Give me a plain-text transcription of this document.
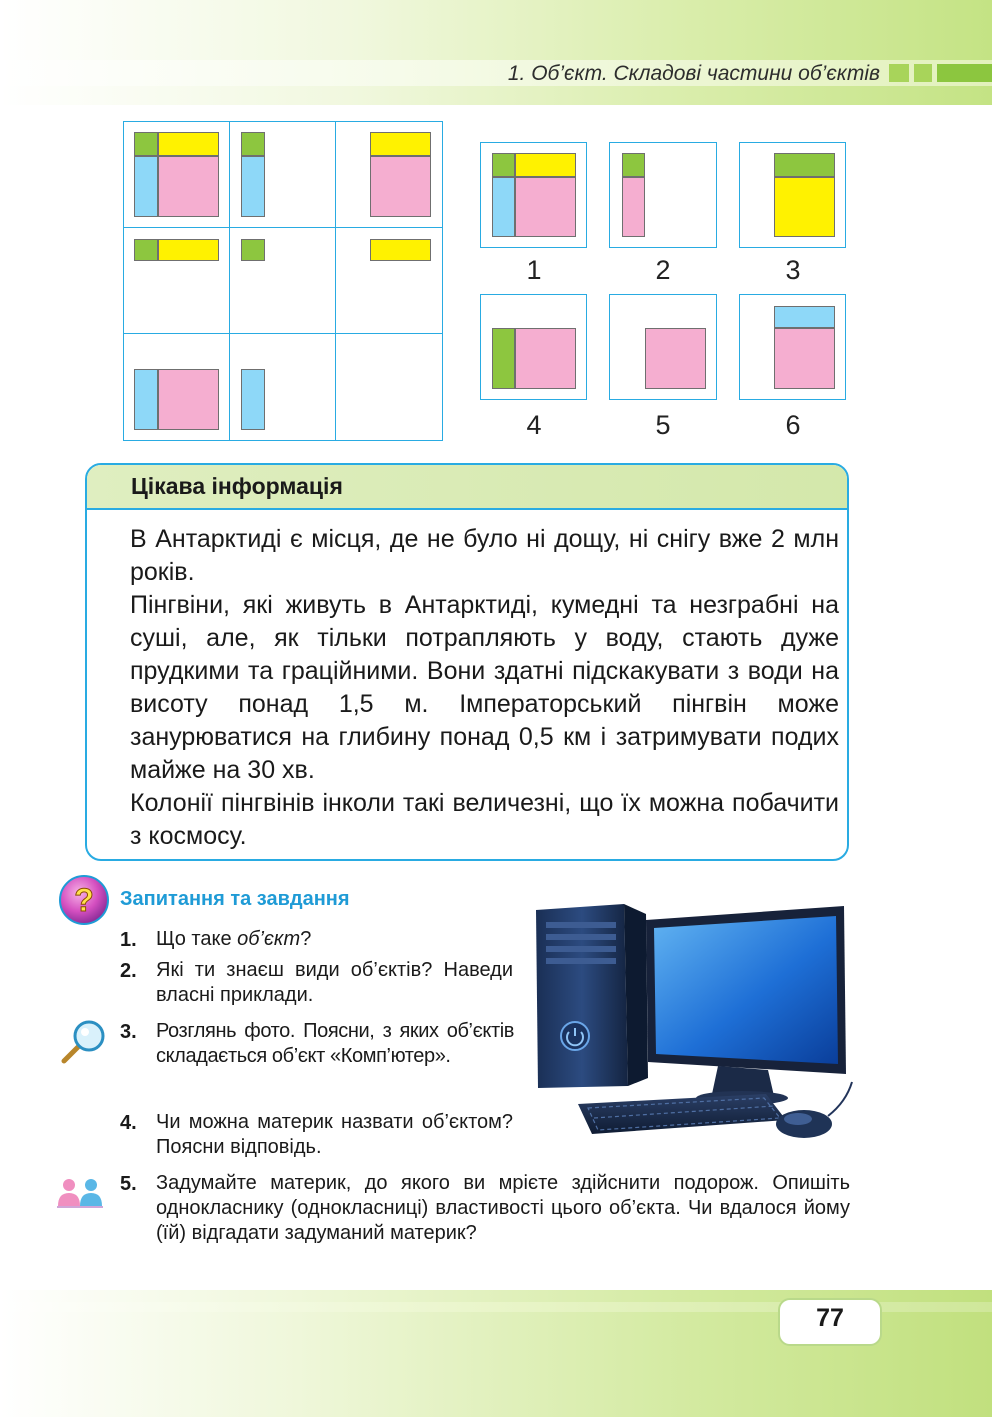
1. Об’єкт. Складові частини об’єктів
1	2	3
4	5	6
Цікава інформація
В Антарктиді є місця, де не було ні дощу, ні снігу вже 2 млн років.
Пінгвіни, які живуть в Антарктиді, кумедні та незграбні на суші, але, як тільки потрапляють у воду, стають дуже прудкими та граційними. Вони здатні підскакувати з води на висоту понад 1,5 м. Імператорський пінгвін може занурюватися на глибину понад 0,5 км і затримувати подих майже на 30 хв.
Колонії пінгвінів інколи такі величезні, що їх можна побачити з космосу.
? Запитання та завдання
1. Що таке об’єкт?
2. Які ти знаєш види об’єктів? Наведи власні приклади.
3. Розглянь фото. Поясни, з яких об’єктів складається об’єкт «Комп’ютер».
4. Чи можна материк назвати об’єктом? Поясни відповідь.
5. Задумайте материк, до якого ви мрієте здійснити подорож. Опишіть однокласнику (однокласниці) властивості цього об’єкта. Чи вдалося йому (їй) відгадати задуманий материк?
77
